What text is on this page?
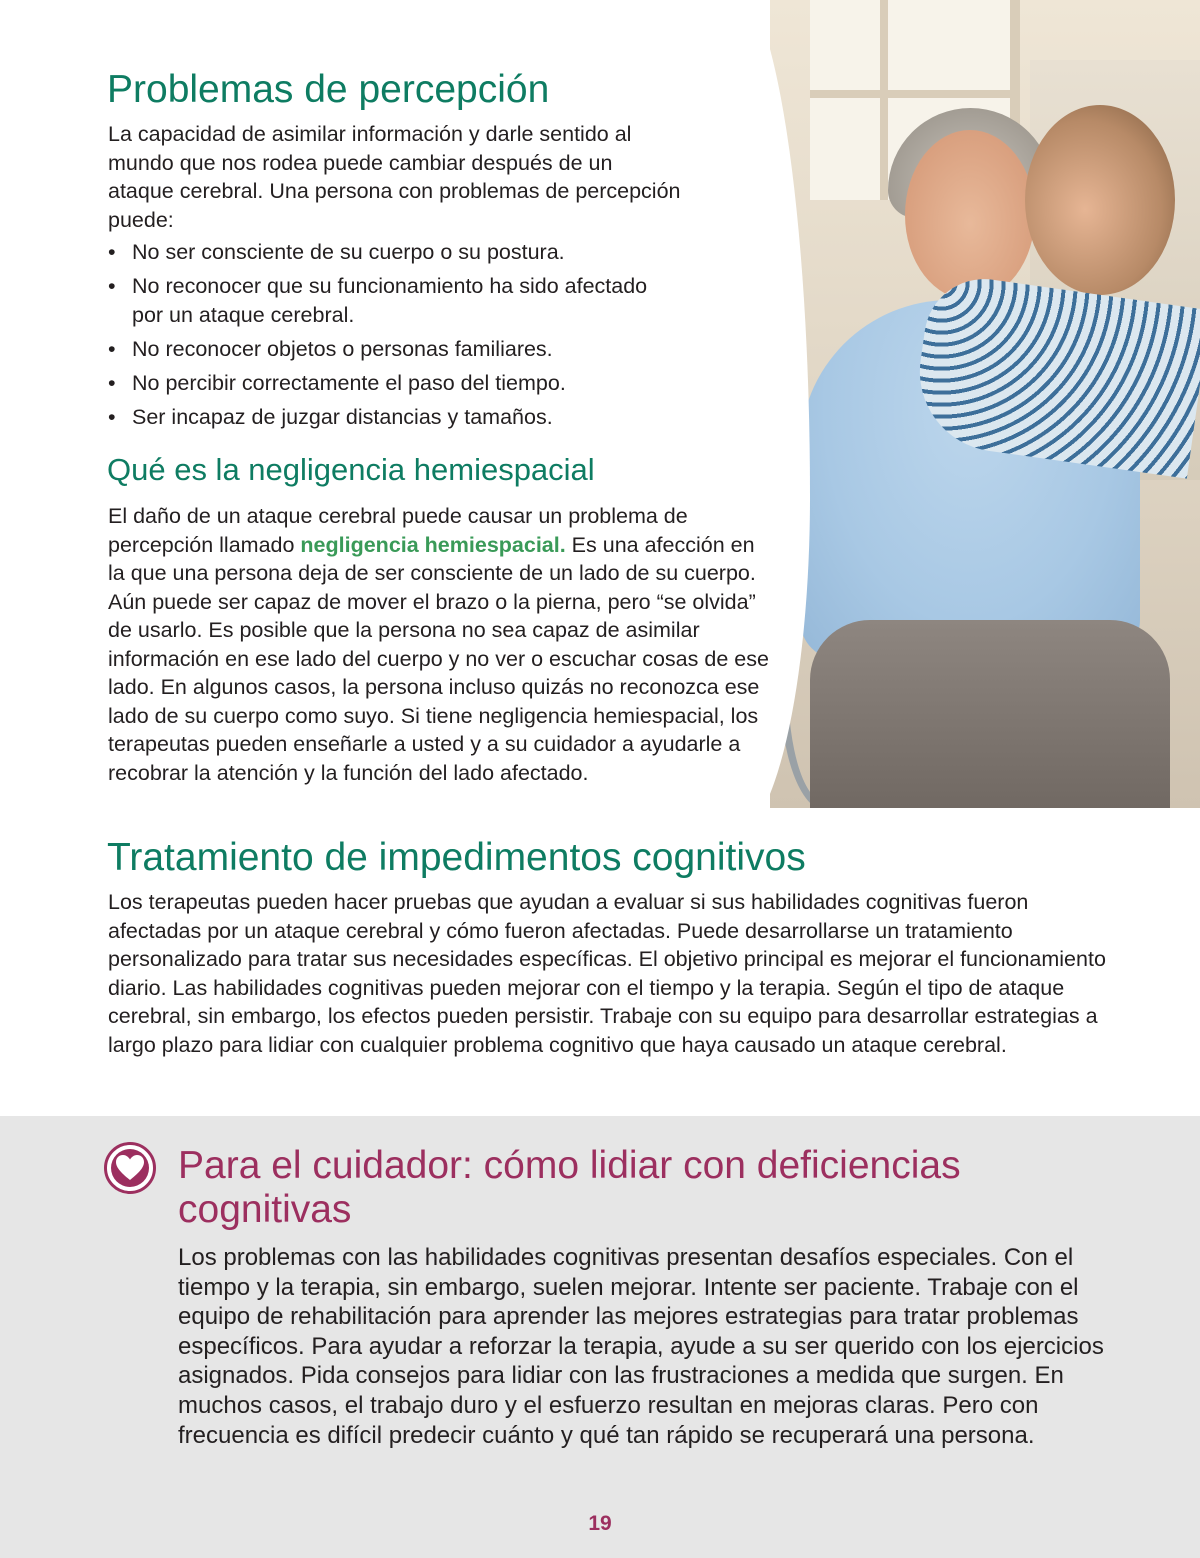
Problemas de percepción

La capacidad de asimilar información y darle sentido al mundo que nos rodea puede cambiar después de un ataque cerebral. Una persona con problemas de percepción puede:

• No ser consciente de su cuerpo o su postura.
• No reconocer que su funcionamiento ha sido afectado por un ataque cerebral.
• No reconocer objetos o personas familiares.
• No percibir correctamente el paso del tiempo.
• Ser incapaz de juzgar distancias y tamaños.
Qué es la negligencia hemiespacial

El daño de un ataque cerebral puede causar un problema de percepción llamado negligencia hemiespacial. Es una afección en la que una persona deja de ser consciente de un lado de su cuerpo. Aún puede ser capaz de mover el brazo o la pierna, pero “se olvida” de usarlo. Es posible que la persona no sea capaz de asimilar información en ese lado del cuerpo y no ver o escuchar cosas de ese lado. En algunos casos, la persona incluso quizás no reconozca ese lado de su cuerpo como suyo. Si tiene negligencia hemiespacial, los terapeutas pueden enseñarle a usted y a su cuidador a ayudarle a recobrar la atención y la función del lado afectado.

Tratamiento de impedimentos cognitivos

Los terapeutas pueden hacer pruebas que ayudan a evaluar si sus habilidades cognitivas fueron afectadas por un ataque cerebral y cómo fueron afectadas. Puede desarrollarse un tratamiento personalizado para tratar sus necesidades específicas. El objetivo principal es mejorar el funcionamiento diario. Las habilidades cognitivas pueden mejorar con el tiempo y la terapia. Según el tipo de ataque cerebral, sin embargo, los efectos pueden persistir. Trabaje con su equipo para desarrollar estrategias a largo plazo para lidiar con cualquier problema cognitivo que haya causado un ataque cerebral.

Para el cuidador: cómo lidiar con deficiencias cognitivas

Los problemas con las habilidades cognitivas presentan desafíos especiales. Con el tiempo y la terapia, sin embargo, suelen mejorar. Intente ser paciente. Trabaje con el equipo de rehabilitación para aprender las mejores estrategias para tratar problemas específicos. Para ayudar a reforzar la terapia, ayude a su ser querido con los ejercicios asignados. Pida consejos para lidiar con las frustraciones a medida que surgen. En muchos casos, el trabajo duro y el esfuerzo resultan en mejoras claras. Pero con frecuencia es difícil predecir cuánto y qué tan rápido se recuperará una persona.

19
